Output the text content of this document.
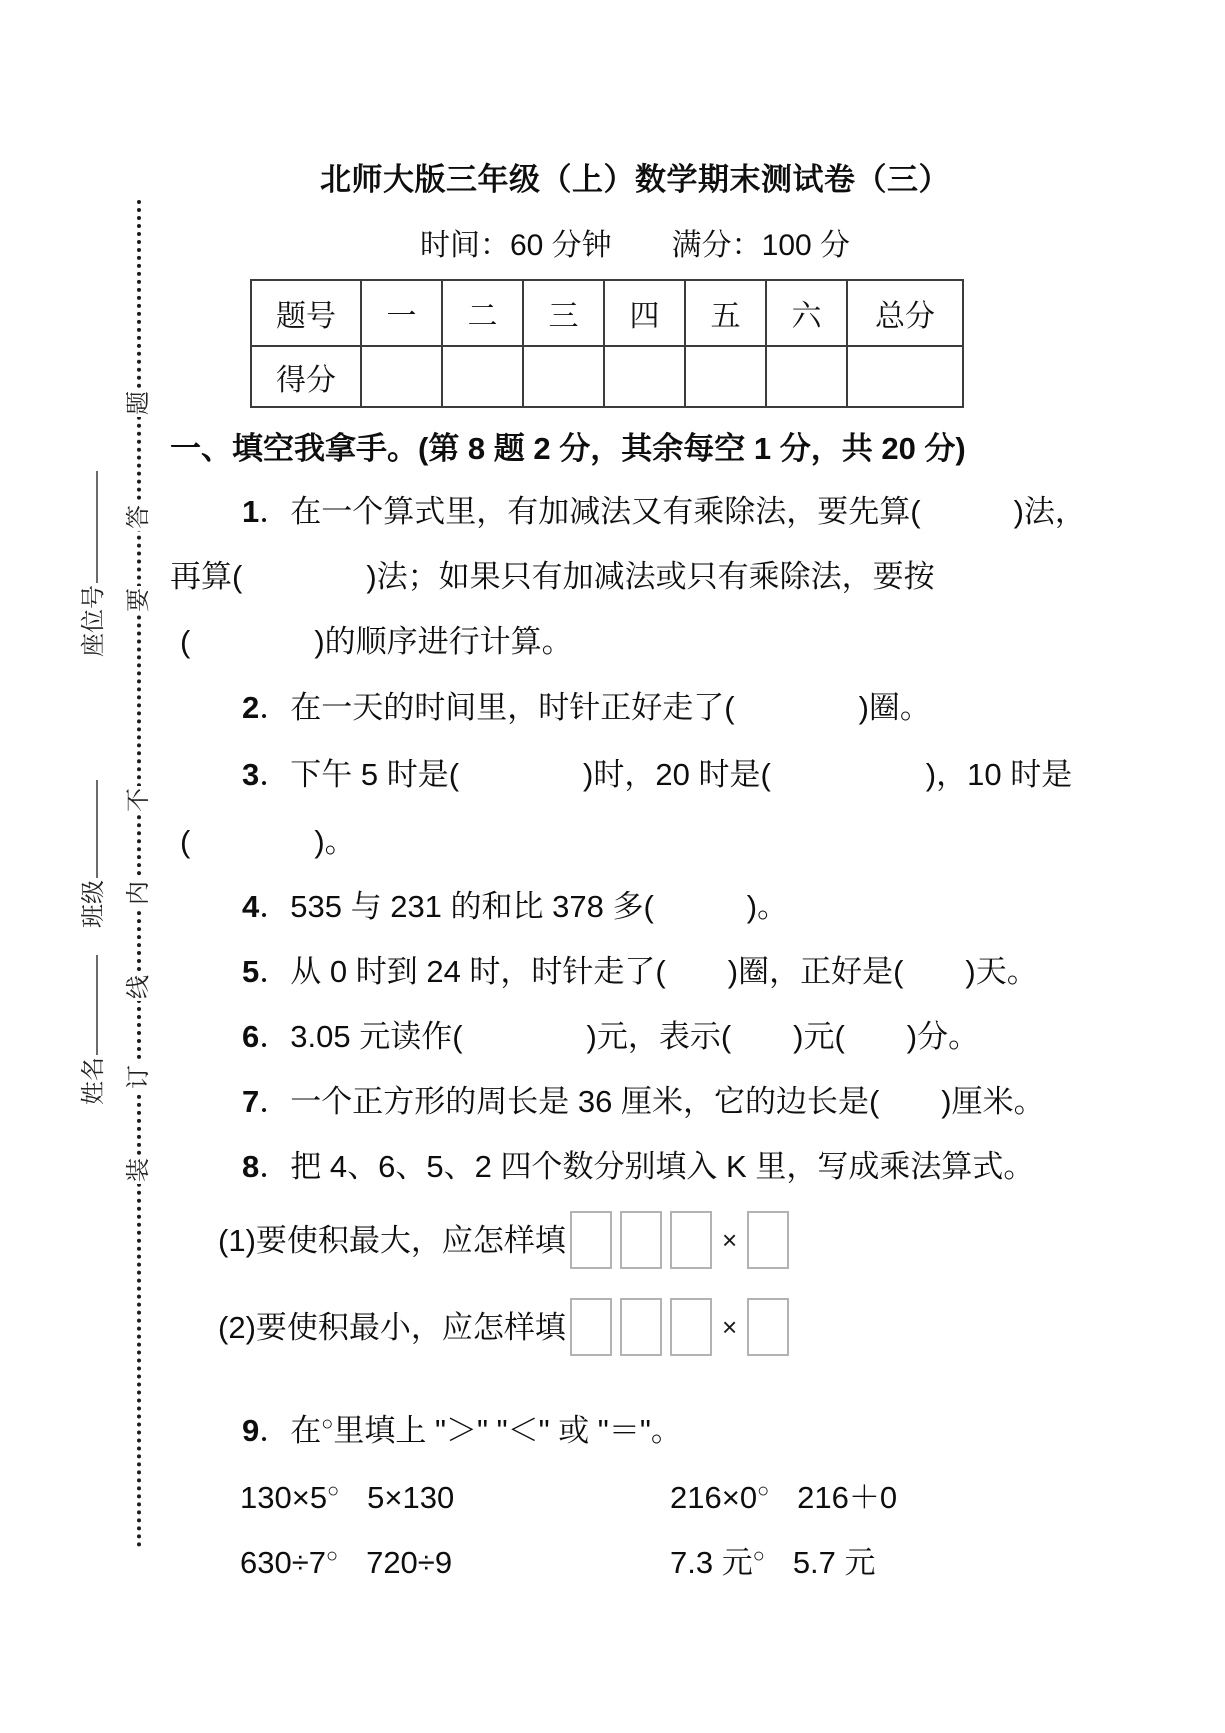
题
答
要
不
内
线
订
装
座位号
班级
姓名
北师大版三年级（上）数学期末测试卷（三）
时间：60 分钟　　满分：100 分
题号	一	二	三	四	五	六	总分
得分							
一、填空我拿手。(第 8 题 2 分，其余每空 1 分，共 20 分)
1．在一个算式里，有加减法又有乘除法，要先算(　　　)法，
再算(　　　　)法；如果只有加减法或只有乘除法，要按
(　　　　)的顺序进行计算。
2．在一天的时间里，时针正好走了(　　　　)圈。
3．下午 5 时是(　　　　)时，20 时是(　　　　　)，10 时是
(　　　　)。
4．535 与 231 的和比 378 多(　　　)。
5．从 0 时到 24 时，时针走了(　　)圈，正好是(　　)天。
6．3.05 元读作(　　　　)元，表示(　　)元(　　)分。
7．一个正方形的周长是 36 厘米，它的边长是(　　)厘米。
8．把 4、6、5、2 四个数分别填入 K 里，写成乘法算式。
(1)要使积最大，应怎样填	×
(2)要使积最小，应怎样填	×
9．在○里填上 "＞" "＜" 或 "＝"。
130×5○ 5×130	216×0○ 216＋0
630÷7○ 720÷9	7.3 元○ 5.7 元
